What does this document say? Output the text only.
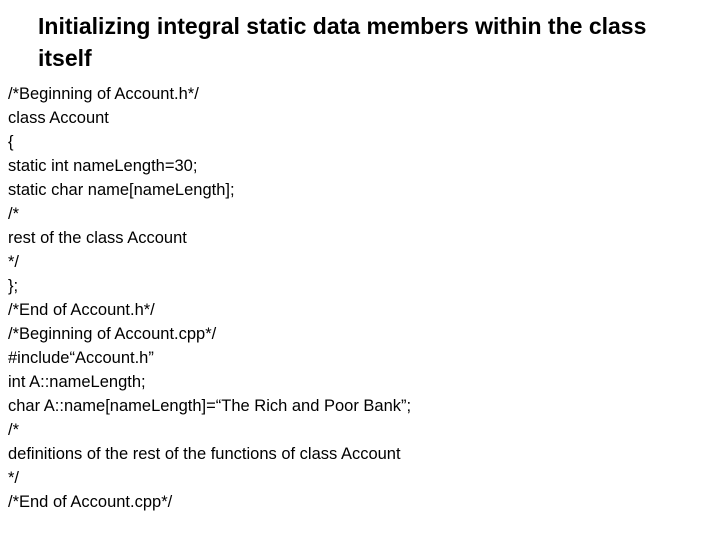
Initializing integral static data members within the class itself
/*Beginning of Account.h*/
class Account
{
static int nameLength=30;
static char name[nameLength];
/*
rest of the class Account
*/
};
/*End of Account.h*/
/*Beginning of Account.cpp*/
#include“Account.h”
int A::nameLength;
char A::name[nameLength]=“The Rich and Poor Bank”;
/*
definitions of the rest of the functions of class Account
*/
/*End of Account.cpp*/
